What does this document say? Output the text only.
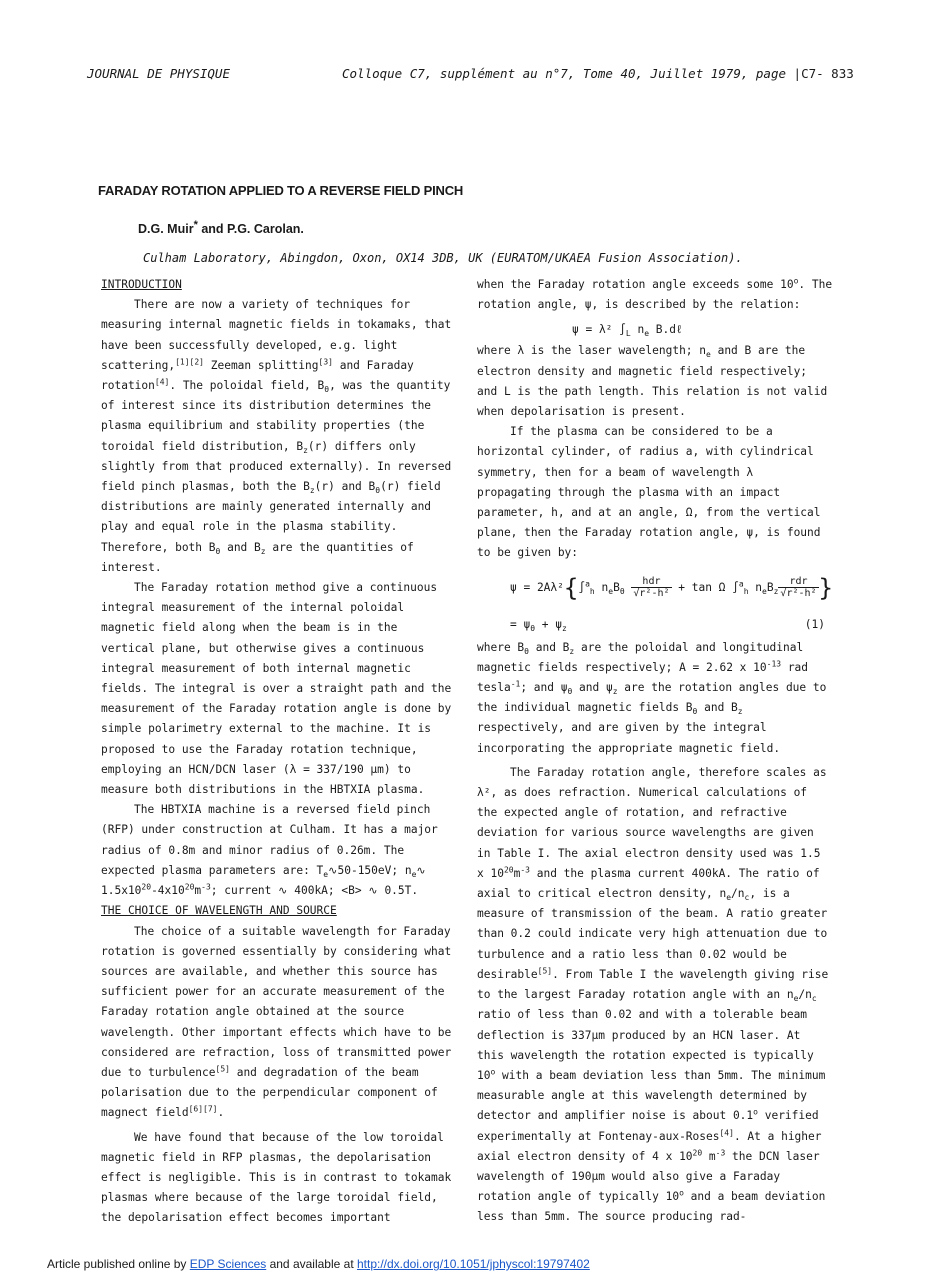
JOURNAL DE PHYSIQUE	Colloque C7, supplément au n°7, Tome 40, Juillet 1979, page |C7- 833
FARADAY ROTATION APPLIED TO A REVERSE FIELD PINCH
D.G. Muir* and P.G. Carolan.
Culham Laboratory, Abingdon, Oxon, OX14 3DB, UK (EURATOM/UKAEA Fusion Association).

INTRODUCTION

There are now a variety of techniques for measuring internal magnetic fields in tokamaks, that have been successfully developed, e.g. light scattering,[1][2] Zeeman splitting[3] and Faraday rotation[4]. The poloidal field, $B_\theta$, was the quantity of interest since its distribution determines the plasma equilibrium and stability properties (the toroidal field distribution, $B_z(r)$ differs only slightly from that produced externally). In reversed field pinch plasmas, both the $B_z(r)$ and $B_\theta(r)$ field distributions are mainly generated internally and play and equal role in the plasma stability. Therefore, both $B_\theta$ and $B_z$ are the quantities of interest.

The Faraday rotation method give a continuous integral measurement of the internal poloidal magnetic field along when the beam is in the vertical plane, but otherwise gives a continuous integral measurement of both internal magnetic fields. The integral is over a straight path and the measurement of the Faraday rotation angle is done by simple polarimetry external to the machine. It is proposed to use the Faraday rotation technique, employing an HCN/DCN laser (λ = 337/190 μm) to measure both distributions in the HBTXIA plasma.

The HBTXIA machine is a reversed field pinch (RFP) under construction at Culham. It has a major radius of 0.8m and minor radius of 0.26m. The expected plasma parameters are: $T_e∿50-150eV$; $n_e∿$ $1.5x10^{20}-4x10^{20}m^{-3}$; current ∿ 400kA; <B> ∿ 0.5T.

THE CHOICE OF WAVELENGTH AND SOURCE

The choice of a suitable wavelength for Faraday rotation is governed essentially by considering what sources are available, and whether this source has sufficient power for an accurate measurement of the Faraday rotation angle obtained at the source wavelength. Other important effects which have to be considered are refraction, loss of transmitted power due to turbulence[5] and degradation of the beam polarisation due to the perpendicular component of magnect field[6][7].

We have found that because of the low toroidal magnetic field in RFP plasmas, the depolarisation effect is negligible. This is in contrast to tokamak plasmas where because of the large toroidal field, the depolarisation effect becomes important

when the Faraday rotation angle exceeds some 10$^o$. The rotation angle, ψ, is described by the relation:

ψ = λ² $\int_L$ $n_e$ B.dℓ

where λ is the laser wavelength; $n_e$ and B are the electron density and magnetic field respectively; and L is the path length. This relation is not valid when depolarisation is present.

If the plasma can be considered to be a horizontal cylinder, of radius a, with cylindrical symmetry, then for a beam of wavelength λ propagating through the plasma with an impact parameter, h, and at an angle, Ω, from the vertical plane, then the Faraday rotation angle, ψ, is found to be given by:

ψ = 2Aλ²{∫$^a_h$ $n_eB_\theta \frac{\text{hdr}}{\text{√r²-h²}} + \tan \Omega$ ∫$^a_h$ $n_eB_z \frac{\text{rdr}}{\text{√r²-h²}}$ }

= $\psi_\theta + \psi_z$	(1)

where $B_\theta$ and $B_z$ are the poloidal and longitudinal magnetic fields respectively; A = 2.62 x $10^{-13}$ rad tesla$^{-1}$; and $\psi_\theta$ and $\psi_z$ are the rotation angles due to the individual magnetic fields $B_\theta$ and $B_z$ respectively, and are given by the integral incorporating the appropriate magnetic field.

The Faraday rotation angle, therefore scales as λ², as does refraction. Numerical calculations of the expected angle of rotation, and refractive deviation for various source wavelengths are given in Table I. The axial electron density used was 1.5 x $10^{20}m^{-3}$ and the plasma current 400kA. The ratio of axial to critical electron density, $n_e/n_c$, is a measure of transmission of the beam. A ratio greater than 0.2 could indicate very high attenuation due to turbulence and a ratio less than 0.02 would be desirable[5]. From Table I the wavelength giving rise to the largest Faraday rotation angle with an $n_e/n_c$ ratio of less than 0.02 and with a tolerable beam deflection is 337μm produced by an HCN laser. At this wavelength the rotation expected is typically 10$^o$ with a beam deviation less than 5mm. The minimum measurable angle at this wavelength determined by detector and amplifier noise is about 0.1$^o$ verified experimentally at Fontenay-aux-Roses[4]. At a higher axial electron density of 4 x $10^{20}$ $m^{-3}$ the DCN laser wavelength of 190μm would also give a Faraday rotation angle of typically 10$^o$ and a beam deviation less than 5mm. The source producing rad-

Article published online by EDP Sciences and available at http://dx.doi.org/10.1051/jphyscol:19797402
